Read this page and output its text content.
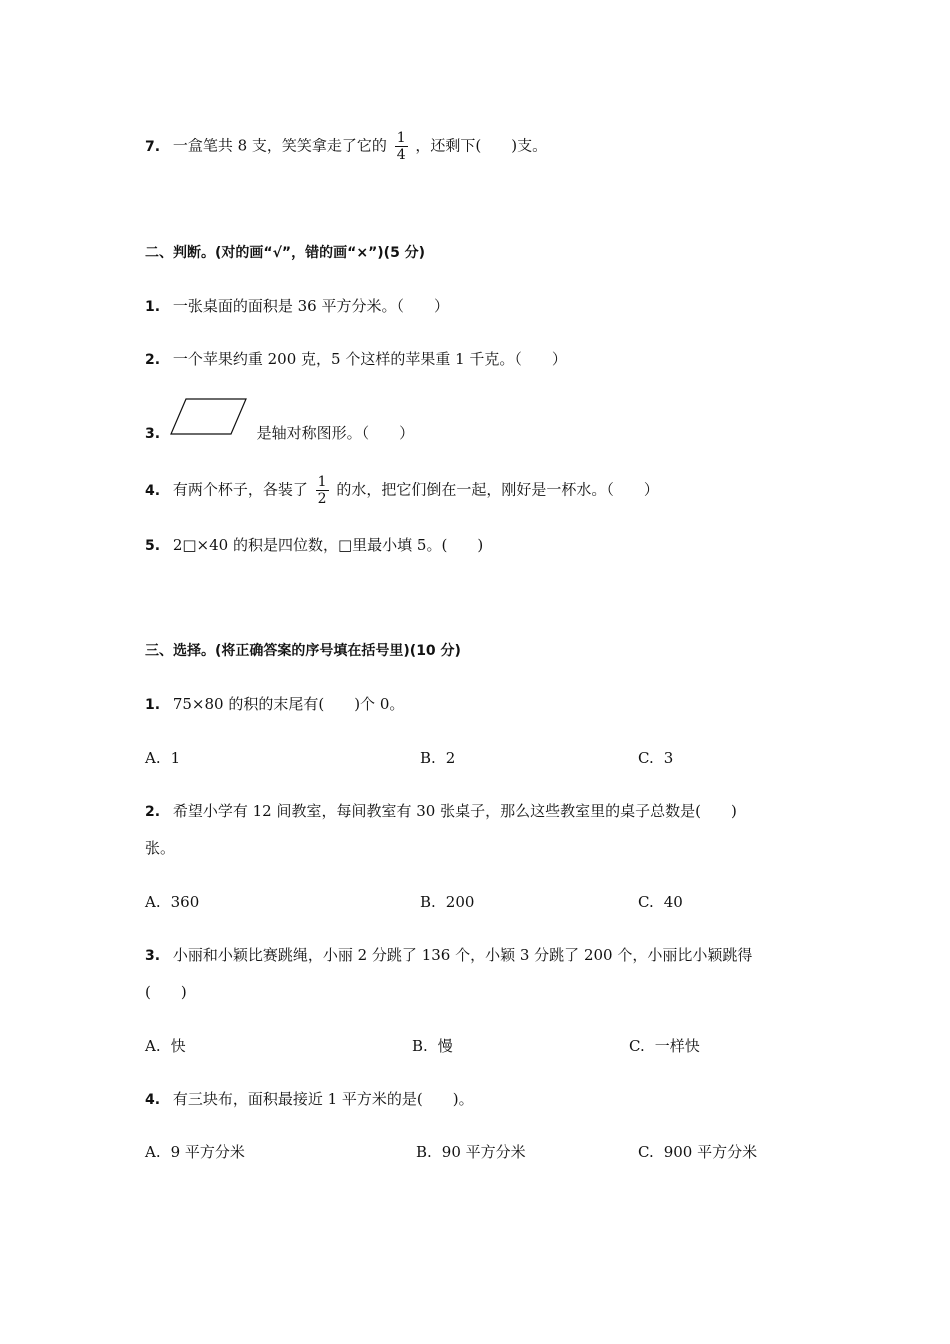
7. 一盒笔共 8 支，笑笑拿走了它的 $\frac{1}{4}$ ，还剩下(　　)支。
二、判断。(对的画“√”，错的画“×”)(5 分)
1. 一张桌面的面积是 36 平方分米。（　　）
2. 一个苹果约重 200 克，5 个这样的苹果重 1 千克。（　　）
3.	是轴对称图形。（　　）
4. 有两个杯子，各装了 $\frac{1}{2}$ 的水，把它们倒在一起，刚好是一杯水。（　　）
5. 2□×40 的积是四位数，□里最小填 5。(　　)
三、选择。(将正确答案的序号填在括号里)(10 分)
1. 75×80 的积的末尾有(　　)个 0。
A. 1	B. 2	C. 3
2. 希望小学有 12 间教室，每间教室有 30 张桌子，那么这些教室里的桌子总数是(　　)
张。
A. 360	B. 200	C. 40
3. 小丽和小颖比赛跳绳，小丽 2 分跳了 136 个，小颖 3 分跳了 200 个，小丽比小颖跳得
(　　)
A. 快	B. 慢	C. 一样快
4. 有三块布，面积最接近 1 平方米的是(　　)。
A. 9 平方分米	B. 90 平方分米	C. 900 平方分米
